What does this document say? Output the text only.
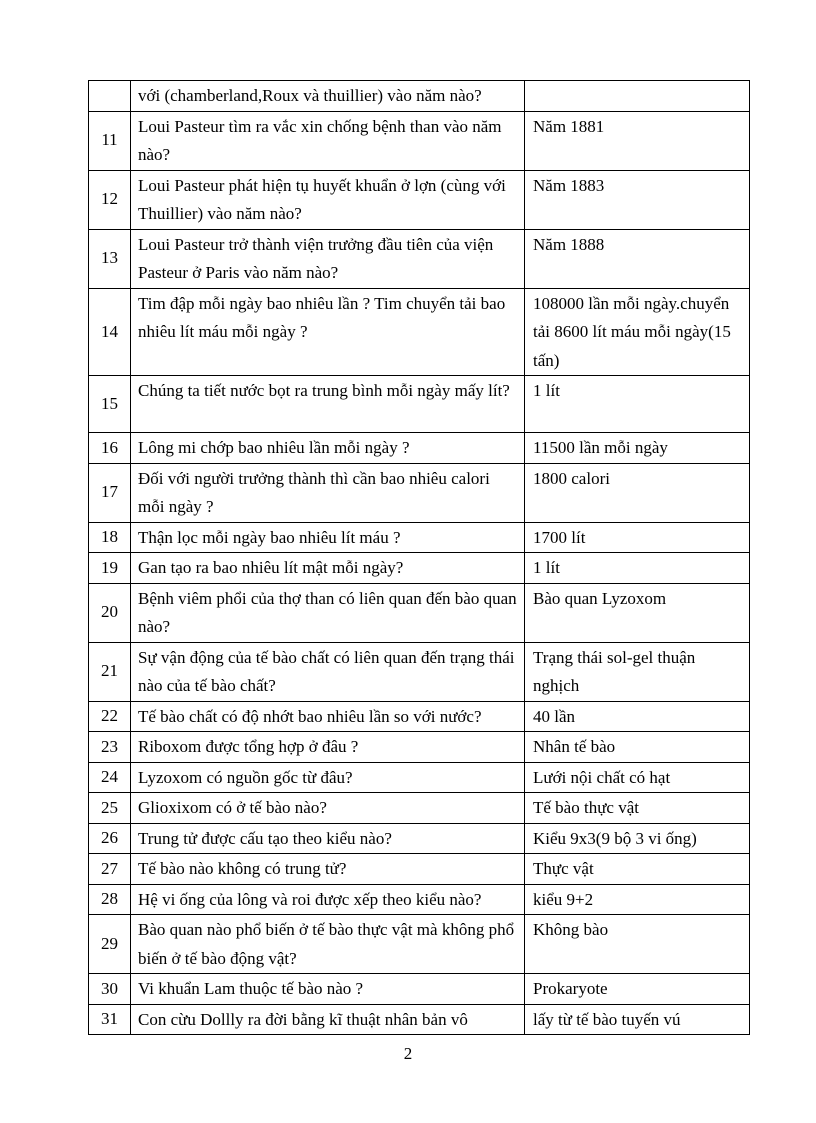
	với (chamberland,Roux và thuillier) vào năm nào?	
11	Loui Pasteur tìm ra vắc xin chống bệnh than vào năm nào?	Năm 1881
12	Loui Pasteur phát hiện tụ huyết khuẩn ở lợn (cùng với Thuillier) vào năm nào?	Năm 1883
13	Loui Pasteur trở thành viện trưởng đầu tiên của viện Pasteur ở Paris vào năm nào?	Năm 1888
14	Tim đập mỗi ngày bao nhiêu lần ? Tim chuyển tải bao nhiêu lít máu mỗi ngày ?	108000 lần mỗi ngày.chuyển tải 8600 lít máu mỗi ngày(15 tấn)
15	Chúng ta tiết nước bọt ra trung bình mỗi ngày mấy lít?	1 lít
16	Lông mi chớp bao nhiêu lần mỗi ngày ?	11500 lần mỗi ngày
17	Đối với người trưởng thành thì cần bao nhiêu calori mỗi ngày ?	1800 calori
18	Thận lọc mỗi ngày bao nhiêu lít máu ?	1700 lít
19	Gan tạo ra bao nhiêu lít mật mỗi ngày?	1 lít
20	Bệnh viêm phổi của thợ than có liên quan đến bào quan nào?	Bào quan Lyzoxom
21	Sự vận động của tế bào chất có liên quan đến trạng thái nào của tế bào chất?	Trạng thái sol-gel thuận nghịch
22	Tế bào chất có độ nhớt bao nhiêu lần so với nước?	40 lần
23	Riboxom được tổng hợp ở đâu ?	Nhân tế bào
24	Lyzoxom có nguồn gốc từ đâu?	Lưới nội chất có hạt
25	Glioxixom có ở tế bào nào?	Tế bào thực vật
26	Trung tử được cấu tạo theo kiểu nào?	Kiểu 9x3(9 bộ 3 vi ống)
27	Tế bào nào không có trung tử?	Thực vật
28	Hệ vi ống của lông và roi được xếp theo kiểu nào?	kiểu 9+2
29	Bào quan nào phổ biến ở tế bào thực vật mà không phổ biến ở tế bào động vật?	Không bào
30	Vi khuẩn Lam thuộc tế bào nào ?	Prokaryote
31	Con cừu Dollly ra đời bằng kĩ thuật nhân bản vô	lấy từ tế bào tuyến vú
2
